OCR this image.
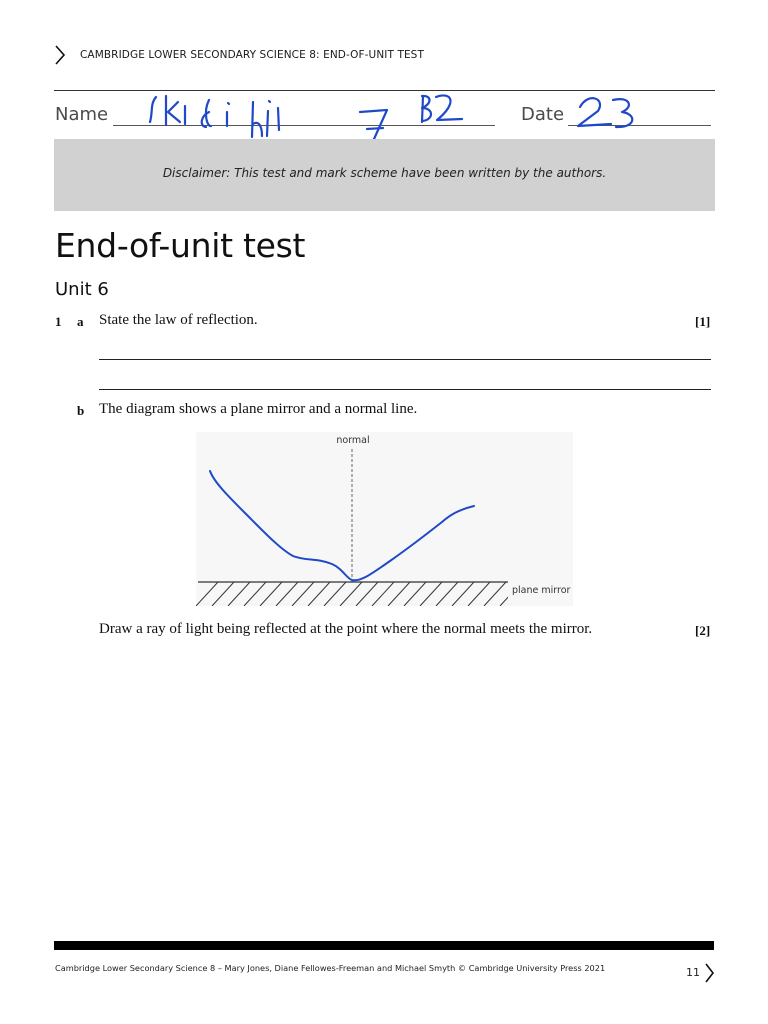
CAMBRIDGE LOWER SECONDARY SCIENCE 8: END-OF-UNIT TEST
Name	Date
Disclaimer: This test and mark scheme have been written by the authors.
End-of-unit test
Unit 6
1 a State the law of reflection.	[1]
b The diagram shows a plane mirror and a normal line.
normal
plane mirror
Draw a ray of light being reflected at the point where the normal meets the mirror.	[2]
Cambridge Lower Secondary Science 8 – Mary Jones, Diane Fellowes-Freeman and Michael Smyth © Cambridge University Press 2021	11
